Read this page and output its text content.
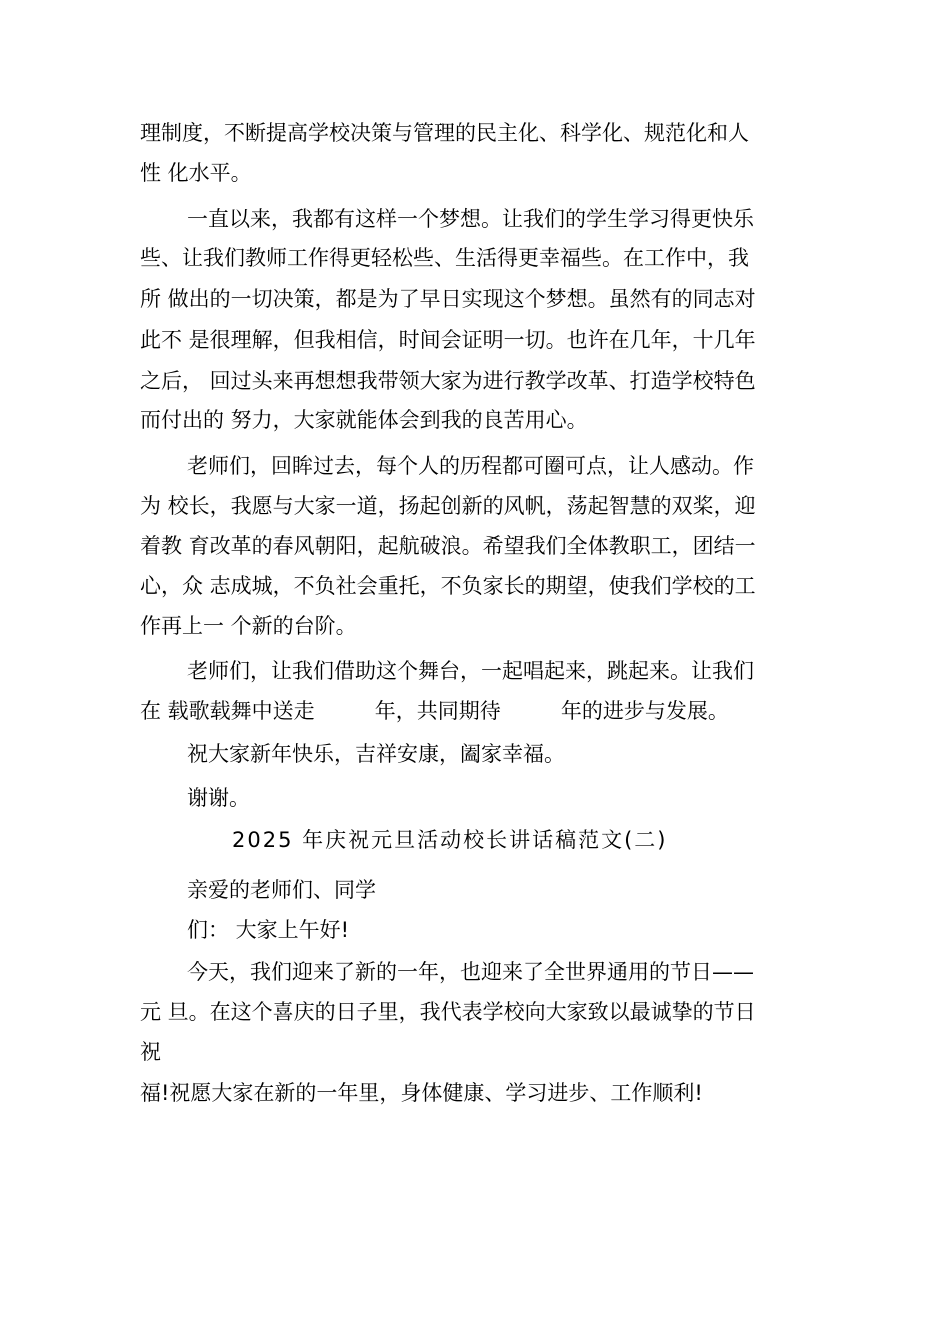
理制度，不断提高学校决策与管理的民主化、科学化、规范化和人
性 化水平。
一直以来，我都有这样一个梦想。让我们的学生学习得更快乐
些、让我们教师工作得更轻松些、生活得更幸福些。在工作中，我
所 做出的一切决策，都是为了早日实现这个梦想。虽然有的同志对
此不 是很理解，但我相信，时间会证明一切。也许在几年，十几年
之后， 回过头来再想想我带领大家为进行教学改革、打造学校特色
而付出的 努力，大家就能体会到我的良苦用心。
老师们，回眸过去，每个人的历程都可圈可点，让人感动。作
为 校长，我愿与大家一道，扬起创新的风帆，荡起智慧的双桨，迎
着教 育改革的春风朝阳，起航破浪。希望我们全体教职工，团结一
心，众 志成城，不负社会重托，不负家长的期望，使我们学校的工
作再上一 个新的台阶。
老师们，让我们借助这个舞台，一起唱起来，跳起来。让我们
在 载歌载舞中送走         年，共同期待         年的进步与发展。
祝大家新年快乐，吉祥安康，阖家幸福。
谢谢。
2025 年庆祝元旦活动校长讲话稿范文(二)
亲爱的老师们、同学
们： 大家上午好!
今天，我们迎来了新的一年，也迎来了全世界通用的节日——
元 旦。在这个喜庆的日子里，我代表学校向大家致以最诚挚的节日
祝
福!祝愿大家在新的一年里，身体健康、学习进步、工作顺利!
